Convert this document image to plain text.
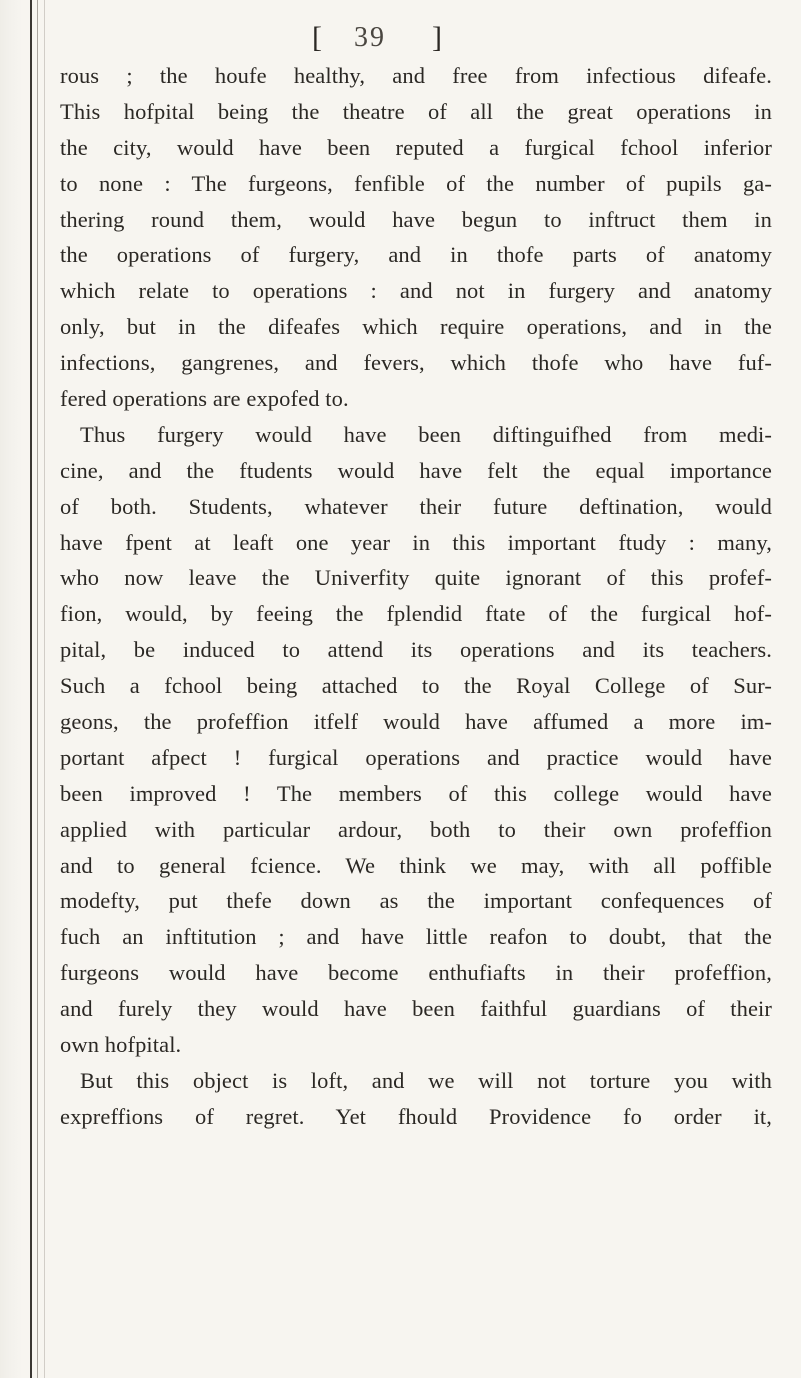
[ 39 ]
rous ; the houfe healthy, and free from infectious difeafe.
This hofpital being the theatre of all the great operations in
the city, would have been reputed a furgical fchool inferior
to none : The furgeons, fenfible of the number of pupils ga-
thering round them, would have begun to inftruct them in
the operations of furgery, and in thofe parts of anatomy
which relate to operations : and not in furgery and anatomy
only, but in the difeafes which require operations, and in the
infections, gangrenes, and fevers, which thofe who have fuf-
fered operations are expofed to.
Thus furgery would have been diftinguifhed from medi-
cine, and the ftudents would have felt the equal importance
of both. Students, whatever their future deftination, would
have fpent at leaft one year in this important ftudy : many,
who now leave the Univerfity quite ignorant of this profef-
fion, would, by feeing the fplendid ftate of the furgical hof-
pital, be induced to attend its operations and its teachers.
Such a fchool being attached to the Royal College of Sur-
geons, the profeffion itfelf would have affumed a more im-
portant afpect ! furgical operations and practice would have
been improved ! The members of this college would have
applied with particular ardour, both to their own profeffion
and to general fcience. We think we may, with all poffible
modefty, put thefe down as the important confequences of
fuch an inftitution ; and have little reafon to doubt, that the
furgeons would have become enthufiafts in their profeffion,
and furely they would have been faithful guardians of their
own hofpital.
But this object is loft, and we will not torture you with
expreffions of regret. Yet fhould Providence fo order it,
